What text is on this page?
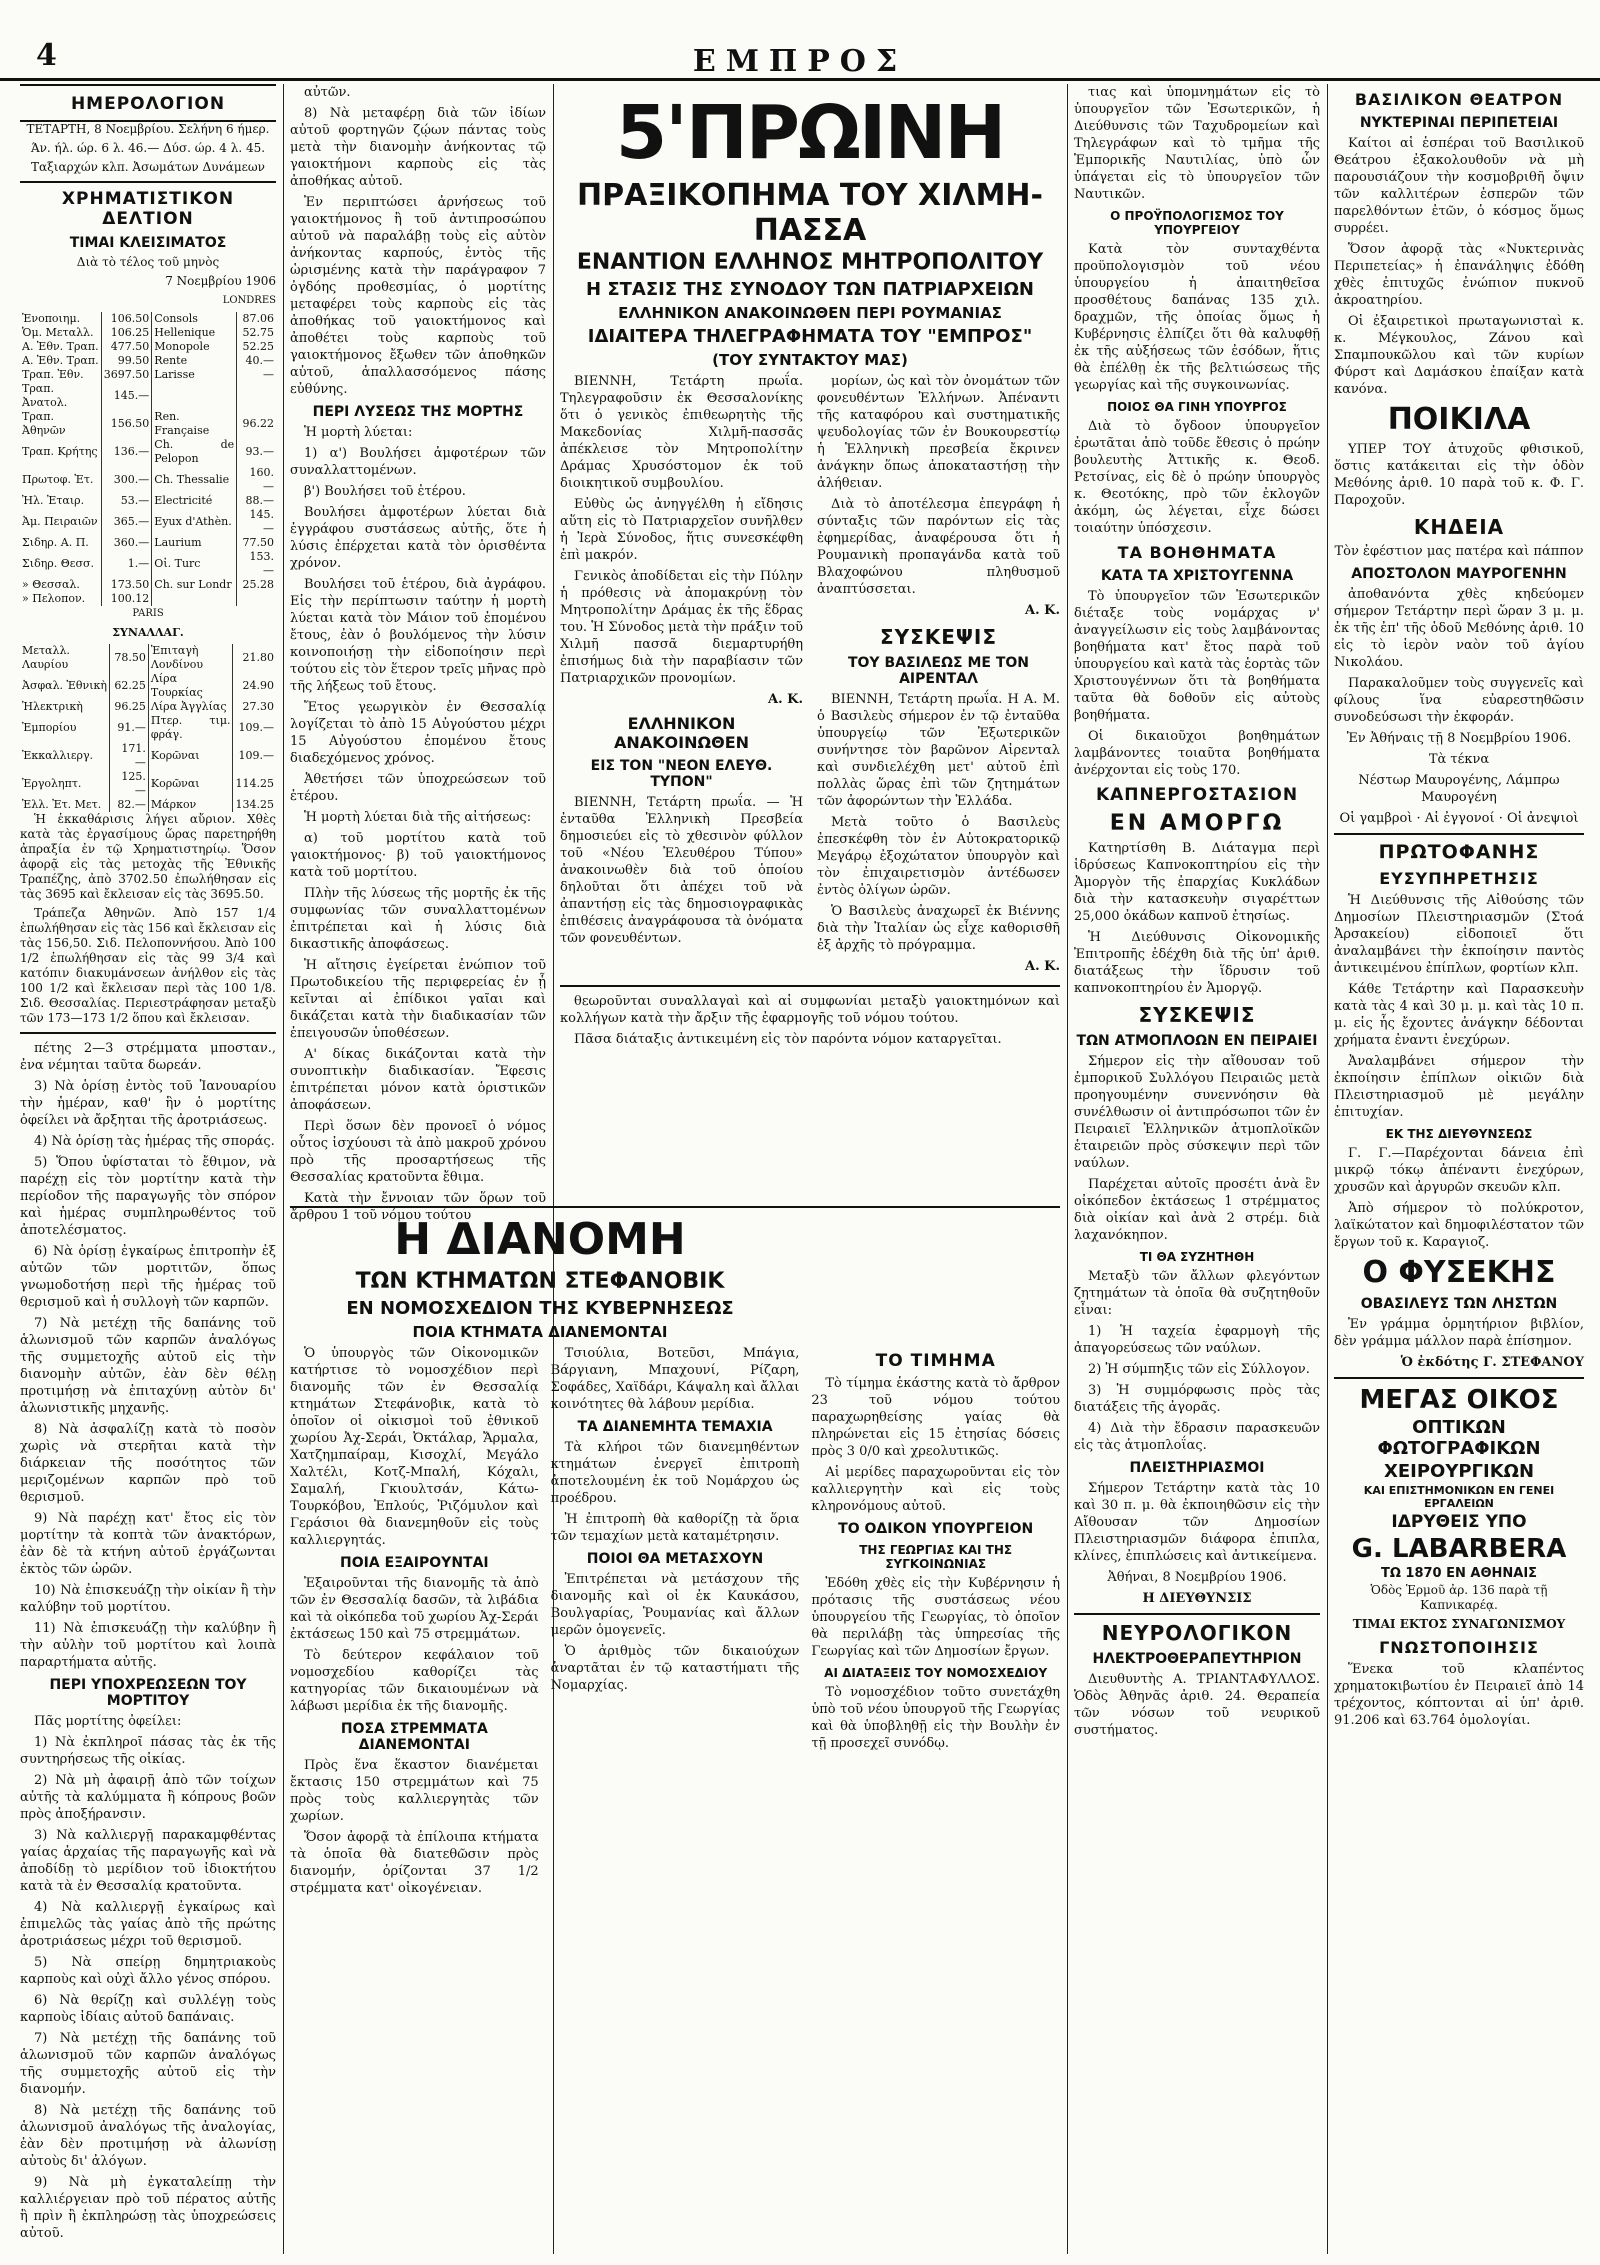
4	ΕΜΠΡΟΣ
ΗΜΕΡΟΛΟΓΙΟΝ

ΤΕΤΑΡΤΗ, 8 Νοεμβρίου. Σελήνη 6 ήμερ.

Άν. ήλ. ώρ. 6 λ. 46.— Δύσ. ώρ. 4 λ. 45.

Ταξιαρχών κλπ. Ἀσωμάτων Δυνάμεων

ΧΡΗΜΑΤΙΣΤΙΚΟΝ ΔΕΛΤΙΟΝ
ΤΙΜΑΙ ΚΛΕΙΣΙΜΑΤΟΣ

Διὰ τὸ τέλος τοῦ μηνὸς

7 Νοεμβρίου 1906

LONDRES

Ἐνοποιημ.	106.50	Consols	87.06
Ὁμ. Μεταλλ.	106.25	Hellenique	52.75
Α. Ἐθν. Τραπ.	477.50	Monopole	52.25
Α. Ἐθν. Τραπ.	99.50	Rente	40.—
Τραπ. Ἐθν.	3697.50	Larisse	—
Τραπ. Ἀνατολ.	145.—		
Τραπ. Ἀθηνῶν	156.50	Ren. Française	96.22
Τραπ. Κρήτης	136.—	Ch. de Pelopon	93.—
Πρωτοφ. Ἐτ.	300.—	Ch. Thessalie	160.—
Ἠλ. Ἐταιρ.	53.—	Electricité	88.—
Ἀμ. Πειραιῶν	365.—	Eyux d'Athèn.	145.—
Σιδηρ. Α. Π.	360.—	Laurium	77.50
Σιδηρ. Θεσσ.	1.—	Οἰ. Turc	153.—
» Θεσσαλ.	173.50	Ch. sur Londr	25.28
» Πελοπον.	100.12		

PARIS

ΣΥΝΑΛΛΑΓ.

Μεταλλ. Λαυρίου	78.50	Ἐπιταγὴ Λονδίνου	21.80
Ἀσφαλ. Ἐθνικὴ	62.25	Λίρα Τουρκίας	24.90
Ἠλεκτρικὴ	96.25	Λίρα Ἀγγλίας	27.30
Ἐμπορίου	91.—	Πτερ. τιμ. φράγ.	109.—
Ἐκκαλλιεργ.	171.—	Κορῶναι	109.—
Ἐργοληπτ.	125.—	Κορῶναι	114.25
Ἑλλ. Ἐτ. Μετ.	82.—	Μάρκον	134.25

Ἡ ἑκκαθάρισις λήγει αὔριον. Χθὲς κατὰ τὰς ἐργασίμους ὥρας παρετηρήθη ἀπραξία ἐν τῷ Χρηματιστηρίῳ. Ὅσον ἀφορᾷ εἰς τὰς μετοχὰς τῆς Ἐθνικῆς Τραπέζης, ἀπὸ 3702.50 ἐπωλήθησαν εἰς τὰς 3695 καὶ ἔκλεισαν εἰς τὰς 3695.50.

Τράπεζα Ἀθηνῶν. Ἀπὸ 157 1/4 ἐπωλήθησαν εἰς τὰς 156 καὶ ἔκλεισαν εἰς τὰς 156,50. Σιδ. Πελοποννήσου. Ἀπὸ 100 1/2 ἐπωλήθησαν εἰς τὰς 99 3/4 καὶ κατόπιν διακυμάνσεων ἀνήλθον εἰς τὰς 100 1/2 καὶ ἔκλεισαν περὶ τὰς 100 1/8. Σιδ. Θεσσαλίας. Περιεστράφησαν μεταξὺ τῶν 173—173 1/2 ὅπου καὶ ἔκλεισαν.

πέτης 2—3 στρέμματα μποσταν., ἐνα νέμηται ταῦτα δωρεάν.

3) Νὰ ὁρίσῃ ἐντὸς τοῦ Ἰανουαρίου τὴν ἡμέραν, καθ' ἣν ὁ μορτίτης ὀφείλει νὰ ἄρξηται τῆς ἀροτριάσεως.

4) Νὰ ὁρίσῃ τὰς ἡμέρας τῆς σποράς.

5) Ὅπου ὑφίσταται τὸ ἔθιμον, νὰ παρέχῃ εἰς τὸν μορτίτην κατὰ τὴν περίοδον τῆς παραγωγῆς τὸν σπόρον καὶ ἡμέρας συμπληρωθέντος τοῦ ἀποτελέσματος.

6) Νὰ ὁρίσῃ ἐγκαίρως ἐπιτροπὴν ἐξ αὐτῶν τῶν μορτιτῶν, ὅπως γνωμοδοτήσῃ περὶ τῆς ἡμέρας τοῦ θερισμοῦ καὶ ἡ συλλογὴ τῶν καρπῶν.

7) Νὰ μετέχῃ τῆς δαπάνης τοῦ ἁλωνισμοῦ τῶν καρπῶν ἀναλόγως τῆς συμμετοχῆς αὐτοῦ εἰς τὴν διανομὴν αὐτῶν, ἐὰν δὲν θέλῃ προτιμήσῃ νὰ ἐπιταχύνῃ αὐτὸν δι' ἁλωνιστικῆς μηχανῆς.

8) Νὰ ἀσφαλίζῃ κατὰ τὸ ποσὸν χωρὶς νὰ στερῆται κατὰ τὴν διάρκειαν τῆς ποσότητος τῶν μεριζομένων καρπῶν πρὸ τοῦ θερισμοῦ.

9) Νὰ παρέχῃ κατ' ἔτος εἰς τὸν μορτίτην τὰ κοπτὰ τῶν ἀνακτόρων, ἐὰν δὲ τὰ κτήνη αὐτοῦ ἐργάζωνται ἐκτὸς τῶν ὡρῶν.

10) Νὰ ἐπισκευάζῃ τὴν οἰκίαν ἢ τὴν καλύβην τοῦ μορτίτου.

11) Νὰ ἐπισκευάζῃ τὴν καλύβην ἢ τὴν αὐλὴν τοῦ μορτίτου καὶ λοιπὰ παραρτήματα αὐτῆς.

ΠΕΡΙ ΥΠΟΧΡΕΩΣΕΩΝ ΤΟΥ ΜΟΡΤΙΤΟΥ

Πᾶς μορτίτης ὀφείλει:

1) Νὰ ἐκπληροῖ πάσας τὰς ἐκ τῆς συντηρήσεως τῆς οἰκίας.

2) Νὰ μὴ ἀφαιρῇ ἀπὸ τῶν τοίχων αὐτῆς τὰ καλύμματα ἢ κόπρους βοῶν πρὸς ἀποξήρανσιν.

3) Νὰ καλλιεργῇ παρακαμφθέντας γαίας ἀρχαίας τῆς παραγωγῆς καὶ νὰ ἀποδίδῃ τὸ μερίδιον τοῦ ἰδιοκτήτου κατὰ τὰ ἐν Θεσσαλίᾳ κρατοῦντα.

4) Νὰ καλλιεργῇ ἐγκαίρως καὶ ἐπιμελῶς τὰς γαίας ἀπὸ τῆς πρώτης ἀροτριάσεως μέχρι τοῦ θερισμοῦ.

5) Νὰ σπείρῃ δημητριακοὺς καρποὺς καὶ οὐχὶ ἄλλο γένος σπόρου.

6) Νὰ θερίζῃ καὶ συλλέγῃ τοὺς καρποὺς ἰδίαις αὐτοῦ δαπάναις.

7) Νὰ μετέχῃ τῆς δαπάνης τοῦ ἁλωνισμοῦ τῶν καρπῶν ἀναλόγως τῆς συμμετοχῆς αὐτοῦ εἰς τὴν διανομήν.

8) Νὰ μετέχῃ τῆς δαπάνης τοῦ ἁλωνισμοῦ ἀναλόγως τῆς ἀναλογίας, ἐὰν δὲν προτιμήσῃ νὰ ἁλωνίσῃ αὐτοὺς δι' ἀλόγων.

9) Νὰ μὴ ἐγκαταλείπῃ τὴν καλλιέργειαν πρὸ τοῦ πέρατος αὐτῆς ἢ πρὶν ἢ ἐκπληρώσῃ τὰς ὑποχρεώσεις αὐτοῦ.

αὐτῶν.

8) Νὰ μεταφέρῃ διὰ τῶν ἰδίων αὐτοῦ φορτηγῶν ζῴων πάντας τοὺς μετὰ τὴν διανομὴν ἀνήκοντας τῷ γαιοκτήμονι καρποὺς εἰς τὰς ἀποθήκας αὐτοῦ.

Ἐν περιπτώσει ἀρνήσεως τοῦ γαιοκτήμονος ἢ τοῦ ἀντιπροσώπου αὐτοῦ νὰ παραλάβῃ τοὺς εἰς αὐτὸν ἀνήκοντας καρπούς, ἐντὸς τῆς ὡρισμένης κατὰ τὴν παράγραφον 7 ὀγδόης προθεσμίας, ὁ μορτίτης μεταφέρει τοὺς καρποὺς εἰς τὰς ἀποθήκας τοῦ γαιοκτήμονος καὶ ἀποθέτει τοὺς καρποὺς τοῦ γαιοκτήμονος ἔξωθεν τῶν ἀποθηκῶν αὐτοῦ, ἀπαλλασσόμενος πάσης εὐθύνης.

ΠΕΡΙ ΛΥΣΕΩΣ ΤΗΣ ΜΟΡΤΗΣ

Ἡ μορτὴ λύεται:

1) α') Βουλήσει ἀμφοτέρων τῶν συναλλαττομένων.

β') Βουλήσει τοῦ ἑτέρου.

Βουλήσει ἀμφοτέρων λύεται διὰ ἐγγράφου συστάσεως αὐτῆς, ὅτε ἡ λύσις ἐπέρχεται κατὰ τὸν ὁρισθέντα χρόνον.

Βουλήσει τοῦ ἑτέρου, διὰ ἀγράφου. Εἰς τὴν περίπτωσιν ταύτην ἡ μορτὴ λύεται κατὰ τὸν Μάιον τοῦ ἐπομένου ἔτους, ἐὰν ὁ βουλόμενος τὴν λύσιν κοινοποιήσῃ τὴν εἰδοποίησιν περὶ τούτου εἰς τὸν ἕτερον τρεῖς μῆνας πρὸ τῆς λήξεως τοῦ ἔτους.

Ἔτος γεωργικὸν ἐν Θεσσαλίᾳ λογίζεται τὸ ἀπὸ 15 Αὐγούστου μέχρι 15 Αὐγούστου ἐπομένου ἔτους διαδεχόμενος χρόνος.

Ἀθετήσει τῶν ὑποχρεώσεων τοῦ ἑτέρου.

Ἡ μορτὴ λύεται διὰ τῆς αἰτήσεως:

α) τοῦ μορτίτου κατὰ τοῦ γαιοκτήμονος· β) τοῦ γαιοκτήμονος κατὰ τοῦ μορτίτου.

Πλὴν τῆς λύσεως τῆς μορτῆς ἐκ τῆς συμφωνίας τῶν συναλλαττομένων ἐπιτρέπεται καὶ ἡ λύσις διὰ δικαστικῆς ἀποφάσεως.

Ἡ αἴτησις ἐγείρεται ἐνώπιον τοῦ Πρωτοδικείου τῆς περιφερείας ἐν ᾗ κεῖνται αἱ ἐπίδικοι γαῖαι καὶ δικάζεται κατὰ τὴν διαδικασίαν τῶν ἐπειγουσῶν ὑποθέσεων.

Α' δίκας δικάζονται κατὰ τὴν συνοπτικὴν διαδικασίαν. Ἔφεσις ἐπιτρέπεται μόνον κατὰ ὁριστικῶν ἀποφάσεων.

Περὶ ὅσων δὲν προνοεῖ ὁ νόμος οὗτος ἰσχύουσι τὰ ἀπὸ μακροῦ χρόνου πρὸ τῆς προσαρτήσεως τῆς Θεσσαλίας κρατοῦντα ἔθιμα.

Κατὰ τὴν ἔννοιαν τῶν ὅρων τοῦ ἄρθρου 1 τοῦ νόμου τούτου

5'ΠΡΩΙΝΗ
ΠΡΑΞΙΚΟΠΗΜΑ ΤΟΥ ΧΙΛΜΗ-ΠΑΣΣΑ
ΕΝΑΝΤΙΟΝ ΕΛΛΗΝΟΣ ΜΗΤΡΟΠΟΛΙΤΟΥ
Η ΣΤΑΣΙΣ ΤΗΣ ΣΥΝΟΔΟΥ ΤΩΝ ΠΑΤΡΙΑΡΧΕΙΩΝ
ΕΛΛΗΝΙΚΟΝ ΑΝΑΚΟΙΝΩΘΕΝ ΠΕΡΙ ΡΟΥΜΑΝΙΑΣ
ΙΔΙΑΙΤΕΡΑ ΤΗΛΕΓΡΑΦΗΜΑΤΑ ΤΟΥ "ΕΜΠΡΟΣ"
(ΤΟΥ ΣΥΝΤΑΚΤΟΥ ΜΑΣ)

ΒΙΕΝΝΗ, Τετάρτη πρωΐα. Τηλεγραφοῦσιν ἐκ Θεσσαλονίκης ὅτι ὁ γενικὸς ἐπιθεωρητὴς τῆς Μακεδονίας Χιλμῆ-πασσᾶς ἀπέκλεισε τὸν Μητροπολίτην Δράμας Χρυσόστομον ἐκ τοῦ διοικητικοῦ συμβουλίου.

Εὐθὺς ὡς ἀνηγγέλθη ἡ εἴδησις αὕτη εἰς τὸ Πατριαρχεῖον συνῆλθεν ἡ Ἱερὰ Σύνοδος, ἥτις συνεσκέφθη ἐπὶ μακρόν.

Γενικὸς ἀποδίδεται εἰς τὴν Πύλην ἡ πρόθεσις νὰ ἀπομακρύνῃ τὸν Μητροπολίτην Δράμας ἐκ τῆς ἕδρας του. Ἡ Σύνοδος μετὰ τὴν πράξιν τοῦ Χιλμῆ πασσᾶ διεμαρτυρήθη ἐπισήμως διὰ τὴν παραβίασιν τῶν Πατριαρχικῶν προνομίων.

Α. Κ.

ΕΛΛΗΝΙΚΟΝ ΑΝΑΚΟΙΝΩΘΕΝ
ΕΙΣ ΤΟΝ "ΝΕΟΝ ΕΛΕΥΘ. ΤΥΠΟΝ"

ΒΙΕΝΝΗ, Τετάρτη πρωΐα. — Ἡ ἐνταῦθα Ἑλληνικὴ Πρεσβεία δημοσιεύει εἰς τὸ χθεσινὸν φύλλον τοῦ «Νέου Ἐλευθέρου Τύπου» ἀνακοινωθὲν διὰ τοῦ ὁποίου δηλοῦται ὅτι ἀπέχει τοῦ νὰ ἀπαντήσῃ εἰς τὰς δημοσιογραφικὰς ἐπιθέσεις ἀναγράφουσα τὰ ὀνόματα τῶν φονευθέντων.

μορίων, ὡς καὶ τὸν ὀνομάτων τῶν φονευθέντων Ἑλλήνων. Ἀπέναντι τῆς καταφόρου καὶ συστηματικῆς ψευδολογίας τῶν ἐν Βουκουρεστίῳ ἡ Ἑλληνικὴ πρεσβεία ἔκρινεν ἀνάγκην ὅπως ἀποκαταστήσῃ τὴν ἀλήθειαν.

Διὰ τὸ ἀποτέλεσμα ἐπεγράφη ἡ σύνταξις τῶν παρόντων εἰς τὰς ἐφημερίδας, ἀναφέρουσα ὅτι ἡ Ρουμανικὴ προπαγάνδα κατὰ τοῦ Βλαχοφώνου πληθυσμοῦ ἀναπτύσσεται.

Α. Κ.

ΣΥΣΚΕΨΙΣ
ΤΟΥ ΒΑΣΙΛΕΩΣ ΜΕ ΤΟΝ ΑΙΡΕΝΤΑΛ

ΒΙΕΝΝΗ, Τετάρτη πρωΐα. Η Α. Μ. ὁ Βασιλεὺς σήμερον ἐν τῷ ἐνταῦθα ὑπουργείῳ τῶν Ἐξωτερικῶν συνήντησε τὸν βαρῶνον Αἰρενταλ καὶ συνδιελέχθη μετ' αὐτοῦ ἐπὶ πολλὰς ὥρας ἐπὶ τῶν ζητημάτων τῶν ἀφορώντων τὴν Ἑλλάδα.

Μετὰ τοῦτο ὁ Βασιλεὺς ἐπεσκέφθη τὸν ἐν Αὐτοκρατορικῷ Μεγάρῳ ἐξοχώτατον ὑπουργὸν καὶ τὸν ἐπιχαιρετισμὸν ἀντέδωσεν ἐντὸς ὀλίγων ὡρῶν.

Ὁ Βασιλεὺς ἀναχωρεῖ ἐκ Βιέννης διὰ τὴν Ἰταλίαν ὡς εἶχε καθορισθῆ ἐξ ἀρχῆς τὸ πρόγραμμα.

Α. Κ.

θεωροῦνται συναλλαγαὶ καὶ αἱ συμφωνίαι μεταξὺ γαιοκτημόνων καὶ κολλήγων κατὰ τὴν ἄρξιν τῆς ἐφαρμογῆς τοῦ νόμου τούτου.

Πᾶσα διάταξις ἀντικειμένη εἰς τὸν παρόντα νόμον καταργεῖται.

Η ΔΙΑΝΟΜΗ
ΤΩΝ ΚΤΗΜΑΤΩΝ ΣΤΕΦΑΝΟΒΙΚ
ΕΝ ΝΟΜΟΣΧΕΔΙΟΝ ΤΗΣ ΚΥΒΕΡΝΗΣΕΩΣ
ΠΟΙΑ ΚΤΗΜΑΤΑ ΔΙΑΝΕΜΟΝΤΑΙ

Ὁ ὑπουργὸς τῶν Οἰκονομικῶν κατήρτισε τὸ νομοσχέδιον περὶ διανομῆς τῶν ἐν Θεσσαλίᾳ κτημάτων Στεφάνοβικ, κατὰ τὸ ὁποῖον οἱ οἰκισμοὶ τοῦ ἐθνικοῦ χωρίου Ἀχ-Σεράι, Ὀκτάλαρ, Ἄρμαλα, Χατζημπαίραμ, Κισοχλί, Μεγάλο Χαλτέλι, Κοτζ-Μπαλή, Κόχαλι, Σαμαλή, Γκιουλτσάν, Κάτω-Τουρκόβου, Ἐπλούς, Ῥιζόμυλον καὶ Γεράσιοι θὰ διανεμηθοῦν εἰς τοὺς καλλιεργητάς.

ΠΟΙΑ ΕΞΑΙΡΟΥΝΤΑΙ

Ἐξαιροῦνται τῆς διανομῆς τὰ ἀπὸ τῶν ἐν Θεσσαλίᾳ δασῶν, τὰ λιβάδια καὶ τὰ οἰκόπεδα τοῦ χωρίου Ἀχ-Σεράι ἐκτάσεως 150 καὶ 75 στρεμμάτων.

Τὸ δεύτερον κεφάλαιον τοῦ νομοσχεδίου καθορίζει τὰς κατηγορίας τῶν δικαιουμένων νὰ λάβωσι μερίδια ἐκ τῆς διανομῆς.

ΠΟΣΑ ΣΤΡΕΜΜΑΤΑ ΔΙΑΝΕΜΟΝΤΑΙ

Πρὸς ἕνα ἕκαστον διανέμεται ἔκτασις 150 στρεμμάτων καὶ 75 πρὸς τοὺς καλλιεργητὰς τῶν χωρίων.

Ὅσον ἀφορᾷ τὰ ἐπίλοιπα κτήματα τὰ ὁποῖα θὰ διατεθῶσιν πρὸς διανομήν, ὁρίζονται 37 1/2 στρέμματα κατ' οἰκογένειαν.

Τσιούλια, Βοτεῦσι, Μπάγια, Βάργιανη, Μπαχουνί, Ρίζαρη, Σοφάδες, Χαϊδάρι, Κάψαλη καὶ ἄλλαι κοινότητες θὰ λάβουν μερίδια.

ΤΑ ΔΙΑΝΕΜΗΤΑ ΤΕΜΑΧΙΑ

Τὰ κλήροι τῶν διανεμηθέντων κτημάτων ἐνεργεῖ ἐπιτροπὴ ἀποτελουμένη ἐκ τοῦ Νομάρχου ὡς προέδρου.

Ἡ ἐπιτροπὴ θὰ καθορίζῃ τὰ ὅρια τῶν τεμαχίων μετὰ καταμέτρησιν.

ΠΟΙΟΙ ΘΑ ΜΕΤΑΣΧΟΥΝ

Ἐπιτρέπεται νὰ μετάσχουν τῆς διανομῆς καὶ οἱ ἐκ Καυκάσου, Βουλγαρίας, Ῥουμανίας καὶ ἄλλων μερῶν ὁμογενεῖς.

Ὁ ἀριθμὸς τῶν δικαιούχων ἀναρτᾶται ἐν τῷ καταστήματι τῆς Νομαρχίας.

ΤΟ ΤΙΜΗΜΑ

Τὸ τίμημα ἑκάστης κατὰ τὸ ἄρθρον 23 τοῦ νόμου τούτου παραχωρηθείσης γαίας θὰ πληρώνεται εἰς 15 ἐτησίας δόσεις πρὸς 3 0/0 καὶ χρεολυτικῶς.

Αἱ μερίδες παραχωροῦνται εἰς τὸν καλλιεργητὴν καὶ εἰς τοὺς κληρονόμους αὐτοῦ.

ΤΟ ΟΔΙΚΟΝ ΥΠΟΥΡΓΕΙΟΝ
ΤΗΣ ΓΕΩΡΓΙΑΣ ΚΑΙ ΤΗΣ ΣΥΓΚΟΙΝΩΝΙΑΣ

Ἐδόθη χθὲς εἰς τὴν Κυβέρνησιν ἡ πρότασις τῆς συστάσεως νέου ὑπουργείου τῆς Γεωργίας, τὸ ὁποῖον θὰ περιλάβῃ τὰς ὑπηρεσίας τῆς Γεωργίας καὶ τῶν Δημοσίων ἔργων.

ΑΙ ΔΙΑΤΑΞΕΙΣ ΤΟΥ ΝΟΜΟΣΧΕΔΙΟΥ

Τὸ νομοσχέδιον τοῦτο συνετάχθη ὑπὸ τοῦ νέου ὑπουργοῦ τῆς Γεωργίας καὶ θὰ ὑποβληθῇ εἰς τὴν Βουλὴν ἐν τῇ προσεχεῖ συνόδῳ.

τιας καὶ ὑπομνημάτων εἰς τὸ ὑπουργεῖον τῶν Ἐσωτερικῶν, ἡ Διεύθυνσις τῶν Ταχυδρομείων καὶ Τηλεγράφων καὶ τὸ τμῆμα τῆς Ἐμπορικῆς Ναυτιλίας, ὑπὸ ὧν ὑπάγεται εἰς τὸ ὑπουργεῖον τῶν Ναυτικῶν.

Ο ΠΡΟΫΠΟΛΟΓΙΣΜΟΣ ΤΟΥ ΥΠΟΥΡΓΕΙΟΥ

Κατὰ τὸν συνταχθέντα προϋπολογισμὸν τοῦ νέου ὑπουργείου ἡ ἀπαιτηθεῖσα προσθέτους δαπάνας 135 χιλ. δραχμῶν, τῆς ὁποίας ὅμως ἡ Κυβέρνησις ἐλπίζει ὅτι θὰ καλυφθῇ ἐκ τῆς αὐξήσεως τῶν ἐσόδων, ἥτις θὰ ἐπέλθῃ ἐκ τῆς βελτιώσεως τῆς γεωργίας καὶ τῆς συγκοινωνίας.

ΠΟΙΟΣ ΘΑ ΓΙΝΗ ΥΠΟΥΡΓΟΣ

Διὰ τὸ ὄγδοον ὑπουργεῖον ἐρωτᾶται ἀπὸ τοῦδε ἔθεσις ὁ πρώην βουλευτὴς Ἀττικῆς κ. Θεοδ. Ρετσίνας, εἰς δὲ ὁ πρώην ὑπουργὸς κ. Θεοτόκης, πρὸ τῶν ἐκλογῶν ἀκόμη, ὡς λέγεται, εἶχε δώσει τοιαύτην ὑπόσχεσιν.

ΤΑ ΒΟΗΘΗΜΑΤΑ
ΚΑΤΑ ΤΑ ΧΡΙΣΤΟΥΓΕΝΝΑ

Τὸ ὑπουργεῖον τῶν Ἐσωτερικῶν διέταξε τοὺς νομάρχας ν' ἀναγγείλωσιν εἰς τοὺς λαμβάνοντας βοηθήματα κατ' ἔτος παρὰ τοῦ ὑπουργείου καὶ κατὰ τὰς ἑορτὰς τῶν Χριστουγέννων ὅτι τὰ βοηθήματα ταῦτα θὰ δοθοῦν εἰς αὐτοὺς βοηθήματα.

Οἱ δικαιοῦχοι βοηθημάτων λαμβάνοντες τοιαῦτα βοηθήματα ἀνέρχονται εἰς τοὺς 170.

ΚΑΠΝΕΡΓΟΣΤΑΣΙΟΝ
ΕΝ ΑΜΟΡΓΩ

Κατηρτίσθη Β. Διάταγμα περὶ ἱδρύσεως Καπνοκοπτηρίου εἰς τὴν Ἀμοργὸν τῆς ἐπαρχίας Κυκλάδων διὰ τὴν κατασκευὴν σιγαρέττων 25,000 ὀκάδων καπνοῦ ἐτησίως.

Ἡ Διεύθυνσις Οἰκονομικῆς Ἐπιτροπῆς ἐδέχθη διὰ τῆς ὑπ' ἀριθ. διατάξεως τὴν ἵδρυσιν τοῦ καπνοκοπτηρίου ἐν Ἀμοργῷ.

ΣΥΣΚΕΨΙΣ
ΤΩΝ ΑΤΜΟΠΛΟΩΝ ΕΝ ΠΕΙΡΑΙΕΙ

Σήμερον εἰς τὴν αἴθουσαν τοῦ ἐμπορικοῦ Συλλόγου Πειραιῶς μετὰ προηγουμένην συνεννόησιν θὰ συνέλθωσιν οἱ ἀντιπρόσωποι τῶν ἐν Πειραιεῖ Ἑλληνικῶν ἀτμοπλοϊκῶν ἑταιρειῶν πρὸς σύσκεψιν περὶ τῶν ναύλων.

Παρέχεται αὐτοῖς προσέτι ἀνὰ ἓν οἰκόπεδον ἐκτάσεως 1 στρέμματος διὰ οἰκίαν καὶ ἀνὰ 2 στρέμ. διὰ λαχανόκηπον.

ΤΙ ΘΑ ΣΥΖΗΤΗΘΗ

Μεταξὺ τῶν ἄλλων φλεγόντων ζητημάτων τὰ ὁποῖα θὰ συζητηθοῦν εἶναι:

1) Ἡ ταχεία ἐφαρμογὴ τῆς ἀπαγορεύσεως τῶν ναύλων.

2) Ἡ σύμπηξις τῶν εἰς Σύλλογον.

3) Ἡ συμμόρφωσις πρὸς τὰς διατάξεις τῆς ἀγορᾶς.

4) Διὰ τὴν ἔδρασιν παρασκευῶν εἰς τὰς ἀτμοπλοΐας.

ΠΛΕΙΣΤΗΡΙΑΣΜΟΙ

Σήμερον Τετάρτην κατὰ τὰς 10 καὶ 30 π. μ. θὰ ἐκποιηθῶσιν εἰς τὴν Αἴθουσαν τῶν Δημοσίων Πλειστηριασμῶν διάφορα ἐπιπλα, κλίνες, ἐπιπλώσεις καὶ ἀντικείμενα.

Ἀθήναι, 8 Νοεμβρίου 1906.

Η ΔΙΕΥΘΥΝΣΙΣ

ΝΕΥΡΟΛΟΓΙΚΟΝ
ΗΛΕΚΤΡΟΘΕΡΑΠΕΥΤΗΡΙΟΝ

Διευθυντὴς Α. ΤΡΙΑΝΤΑΦΥΛΛΟΣ. Ὁδὸς Ἀθηνᾶς ἀριθ. 24. Θεραπεία τῶν νόσων τοῦ νευρικοῦ συστήματος.

ΒΑΣΙΛΙΚΟΝ ΘΕΑΤΡΟΝ
ΝΥΚΤΕΡΙΝΑΙ ΠΕΡΙΠΕΤΕΙΑΙ

Καίτοι αἱ ἑσπέραι τοῦ Βασιλικοῦ Θεάτρου ἐξακολουθοῦν νὰ μὴ παρουσιάζουν τὴν κοσμοβριθῆ ὄψιν τῶν καλλιτέρων ἑσπερῶν τῶν παρελθόντων ἐτῶν, ὁ κόσμος ὅμως συρρέει.

Ὅσον ἀφορᾷ τὰς «Νυκτερινὰς Περιπετείας» ἡ ἐπανάληψις ἐδόθη χθὲς ἐπιτυχῶς ἐνώπιον πυκνοῦ ἀκροατηρίου.

Οἱ ἐξαιρετικοὶ πρωταγωνισταὶ κ. κ. Μέγκουλος, Ζάνου καὶ Σπαμπουκῶλου καὶ τῶν κυρίων Φύρστ καὶ Δαμάσκου ἐπαίξαν κατὰ κανόνα.

ΠΟΙΚΙΛΑ

ΥΠΕΡ ΤΟΥ ἀτυχοῦς φθισικοῦ, ὅστις κατάκειται εἰς τὴν ὁδὸν Μεθόνης ἀριθ. 10 παρὰ τοῦ κ. Φ. Γ. Παροχοῦν.

ΚΗΔΕΙΑ

Τὸν ἐφέστιον μας πατέρα καὶ πάππον

ΑΠΟΣΤΟΛΟΝ ΜΑΥΡΟΓΕΝΗΝ

ἀποθανόντα χθὲς κηδεύομεν σήμερον Τετάρτην περὶ ὥραν 3 μ. μ. ἐκ τῆς ἐπ' τῆς ὁδοῦ Μεθόνης ἀριθ. 10 εἰς τὸ ἱερὸν ναὸν τοῦ ἁγίου Νικολάου.

Παρακαλοῦμεν τοὺς συγγενεῖς καὶ φίλους ἵνα εὐαρεστηθῶσιν συνοδεύσωσι τὴν ἐκφοράν.

Ἐν Ἀθήναις τῇ 8 Νοεμβρίου 1906.

Τὰ τέκνα

Νέστωρ Μαυρογένης, Λάμπρω Μαυρογένη

Οἱ γαμβροὶ · Αἱ ἐγγονοί · Οἱ ἀνεψιοὶ

ΠΡΩΤΟΦΑΝΗΣ
ΕΥΣΥΠΗΡΕΤΗΣΙΣ

Ἡ Διεύθυνσις τῆς Αἰθούσης τῶν Δημοσίων Πλειστηριασμῶν (Στοά Ἀρσακείου) εἰδοποιεῖ ὅτι ἀναλαμβάνει τὴν ἐκποίησιν παντὸς ἀντικειμένου ἐπίπλων, φορτίων κλπ.

Κάθε Τετάρτην καὶ Παρασκευὴν κατὰ τὰς 4 καὶ 30 μ. μ. καὶ τὰς 10 π. μ. εἰς ἧς ἔχοντες ἀνάγκην δέδονται χρήματα ἐναντι ἐνεχύρων.

Ἀναλαμβάνει σήμερον τὴν ἐκποίησιν ἐπίπλων οἰκιῶν διὰ Πλειστηριασμοῦ μὲ μεγάλην ἐπιτυχίαν.

ΕΚ ΤΗΣ ΔΙΕΥΘΥΝΣΕΩΣ

Γ. Γ.—Παρέχονται δάνεια ἐπὶ μικρῷ τόκῳ ἀπέναντι ἐνεχύρων, χρυσῶν καὶ ἀργυρῶν σκευῶν κλπ.

Ἀπὸ σήμερον τὸ πολύκροτον, λαϊκώτατον καὶ δημοφιλέστατον τῶν ἔργων τοῦ κ. Καραγιοζ.

Ο ΦΥΣΕΚΗΣ
ΟΒΑΣΙΛΕΥΣ ΤΩΝ ΛΗΣΤΩΝ

Ἐν γράμμα ὁρμητήριον βιβλίον, δὲν γράμμα μάλλον παρὰ ἐπίσημον.

Ὁ ἐκδότης Γ. ΣΤΕΦΑΝΟΥ

ΜΕΓΑΣ ΟΙΚΟΣ
ΟΠΤΙΚΩΝ ΦΩΤΟΓΡΑΦΙΚΩΝ
ΧΕΙΡΟΥΡΓΙΚΩΝ
ΚΑΙ ΕΠΙΣΤΗΜΟΝΙΚΩΝ ΕΝ ΓΕΝΕΙ ΕΡΓΑΛΕΙΩΝ
ΙΔΡΥΘΕΙΣ ΥΠΟ
G. LABARBERA
ΤΩ 1870 ΕΝ ΑΘΗΝΑΙΣ

Ὁδὸς Ἑρμοῦ ἀρ. 136 παρὰ τῇ Καπνικαρέᾳ.

ΤΙΜΑΙ ΕΚΤΟΣ ΣΥΝΑΓΩΝΙΣΜΟΥ

ΓΝΩΣΤΟΠΟΙΗΣΙΣ

Ἕνεκα τοῦ κλαπέντος χρηματοκιβωτίου ἐν Πειραιεῖ ἀπὸ 14 τρέχοντος, κόπτονται αἱ ὑπ' ἀριθ. 91.206 καὶ 63.764 ὁμολογίαι.
